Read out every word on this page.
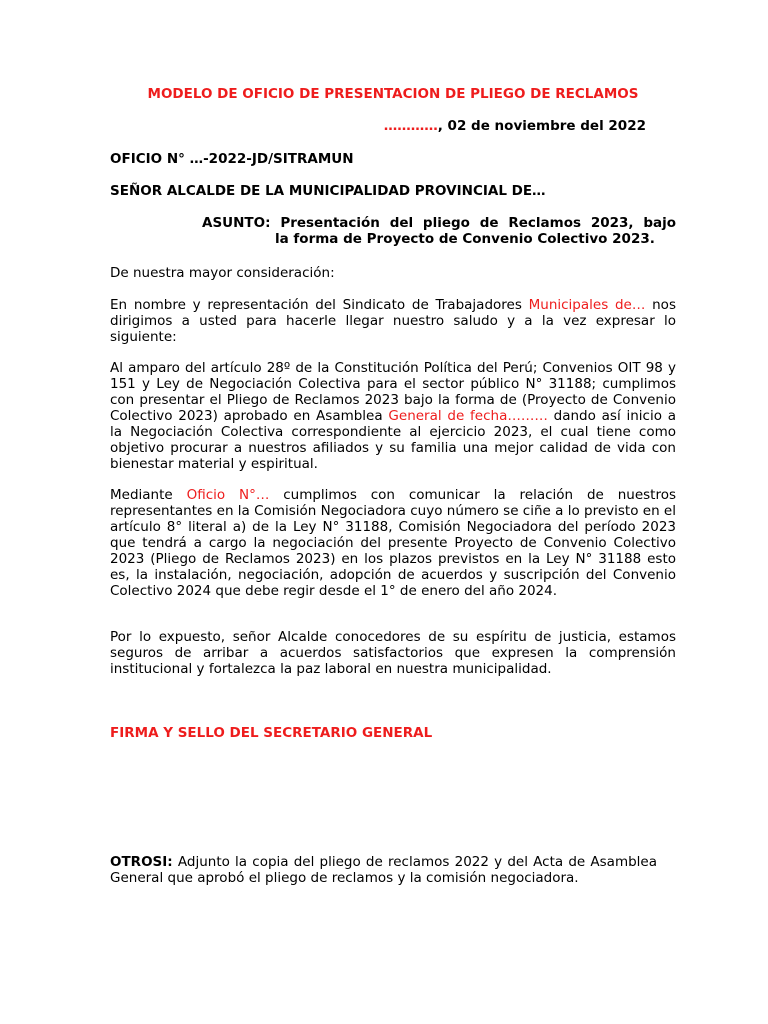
MODELO DE OFICIO DE PRESENTACION DE PLIEGO DE RECLAMOS

…………, 02 de noviembre del 2022

OFICIO N° …-2022-JD/SITRAMUN

SEÑOR ALCALDE DE LA MUNICIPALIDAD PROVINCIAL DE…

ASUNTO: Presentación del pliego de Reclamos 2023, bajo
la forma de Proyecto de Convenio Colectivo 2023.

De nuestra mayor consideración:

En nombre y representación del Sindicato de Trabajadores Municipales de… nos dirigimos a usted para hacerle llegar nuestro saludo y a la vez expresar lo siguiente:

Al amparo del artículo 28º de la Constitución Política del Perú; Convenios OIT 98 y 151 y Ley de Negociación Colectiva para el sector público N° 31188; cumplimos con presentar el Pliego de Reclamos 2023 bajo la forma de (Proyecto de Convenio Colectivo 2023) aprobado en Asamblea General de fecha……… dando así inicio a la Negociación Colectiva correspondiente al ejercicio 2023, el cual tiene como objetivo procurar a nuestros afiliados y su familia una mejor calidad de vida con bienestar material y espiritual.

Mediante Oficio N°… cumplimos con comunicar la relación de nuestros representantes en la Comisión Negociadora cuyo número se ciñe a lo previsto en el artículo 8° literal a) de la Ley N° 31188, Comisión Negociadora del período 2023 que tendrá a cargo la negociación del presente Proyecto de Convenio Colectivo 2023 (Pliego de Reclamos 2023) en los plazos previstos en la Ley N° 31188 esto es, la instalación, negociación, adopción de acuerdos y suscripción del Convenio Colectivo 2024 que debe regir desde el 1° de enero del año 2024.

Por lo expuesto, señor Alcalde conocedores de su espíritu de justicia, estamos seguros de arribar a acuerdos satisfactorios que expresen la comprensión institucional y fortalezca la paz laboral en nuestra municipalidad.

FIRMA Y SELLO DEL SECRETARIO GENERAL

OTROSI: Adjunto la copia del pliego de reclamos 2022 y del Acta de Asamblea General que aprobó el pliego de reclamos y la comisión negociadora.
